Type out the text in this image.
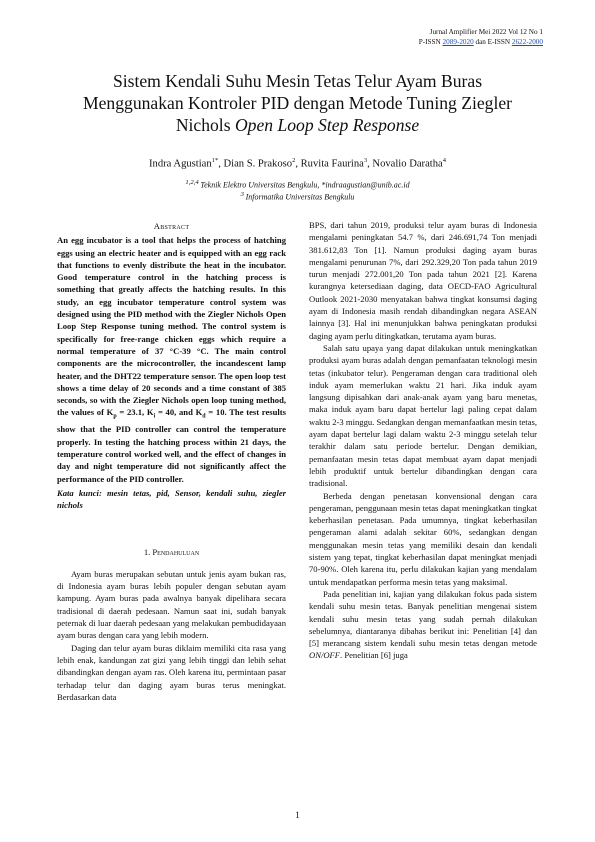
Jurnal Amplifier Mei 2022 Vol 12 No 1
P-ISSN 2089-2020 dan E-ISSN 2622-2000
Sistem Kendali Suhu Mesin Tetas Telur Ayam Buras
Menggunakan Kontroler PID dengan Metode Tuning Ziegler
Nichols Open Loop Step Response
Indra Agustian$^{1*}$, Dian S. Prakoso$^2$, Ruvita Faurina$^3$, Novalio Daratha$^4$
$^{1,2,4}$ Teknik Elektro Universitas Bengkulu, *indraagustian@unib.ac.id
$^3$ Informatika Universitas Bengkulu
Abstract

An egg incubator is a tool that helps the process of hatching eggs using an electric heater and is equipped with an egg rack that functions to evenly distribute the heat in the incubator. Good temperature control in the hatching process is something that greatly affects the hatching results. In this study, an egg incubator temperature control system was designed using the PID method with the Ziegler Nichols Open Loop Step Response tuning method. The control system is specifically for free-range chicken eggs which require a normal temperature of 37 °C-39 °C. The main control components are the microcontroller, the incandescent lamp heater, and the DHT22 temperature sensor. The open loop test shows a time delay of 20 seconds and a time constant of 385 seconds, so with the Ziegler Nichols open loop tuning method, the values of $K_p = 23.1$, $K_i = 40$, and $K_d = 10$. The test results show that the PID controller can control the temperature properly. In testing the hatching process within 21 days, the temperature control worked well, and the effect of changes in day and night temperature did not significantly affect the performance of the PID controller.

Kata kunci: mesin tetas, pid, Sensor, kendali suhu, ziegler nichols

1. Pendahuluan

Ayam buras merupakan sebutan untuk jenis ayam bukan ras, di Indonesia ayam buras lebih populer dengan sebutan ayam kampung. Ayam buras pada awalnya banyak dipelihara secara tradisional di daerah pedesaan. Namun saat ini, sudah banyak peternak di luar daerah pedesaan yang melakukan pembudidayaan ayam buras dengan cara yang lebih modern.

Daging dan telur ayam buras diklaim memiliki cita rasa yang lebih enak, kandungan zat gizi yang lebih tinggi dan lebih sehat dibandingkan dengan ayam ras. Oleh karena itu, permintaan pasar terhadap telur dan daging ayam buras terus meningkat. Berdasarkan data

BPS, dari tahun 2019, produksi telur ayam buras di Indonesia mengalami peningkatan 54.7 %, dari 246.691,74 Ton menjadi 381.612,83 Ton [1]. Namun produksi daging ayam buras mengalami penurunan 7%, dari 292.329,20 Ton pada tahun 2019 turun menjadi 272.001,20 Ton pada tahun 2021 [2]. Karena kurangnya ketersediaan daging, data OECD-FAO Agricultural Outlook 2021-2030 menyatakan bahwa tingkat konsumsi daging ayam di Indonesia masih rendah dibandingkan negara ASEAN lainnya [3]. Hal ini menunjukkan bahwa peningkatan produksi daging ayam perlu ditingkatkan, terutama ayam buras.

Salah satu upaya yang dapat dilakukan untuk meningkatkan produksi ayam buras adalah dengan pemanfaatan teknologi mesin tetas (inkubator telur). Pengeraman dengan cara traditional oleh induk ayam memerlukan waktu 21 hari. Jika induk ayam langsung dipisahkan dari anak-anak ayam yang baru menetas, maka induk ayam baru dapat bertelur lagi paling cepat dalam waktu 2-3 minggu. Sedangkan dengan memanfaatkan mesin tetas, ayam dapat bertelur lagi dalam waktu 2-3 minggu setelah telur terakhir dalam satu periode bertelur. Dengan demikian, pemanfaatan mesin tetas dapat membuat ayam dapat menjadi lebih produktif untuk bertelur dibandingkan dengan cara tradisional.

Berbeda dengan penetasan konvensional dengan cara pengeraman, penggunaan mesin tetas dapat meningkatkan tingkat keberhasilan penetasan. Pada umumnya, tingkat keberhasilan pengeraman alami adalah sekitar 60%, sedangkan dengan menggunakan mesin tetas yang memiliki desain dan kendali sistem yang tepat, tingkat keberhasilan dapat meningkat menjadi 70-90%. Oleh karena itu, perlu dilakukan kajian yang mendalam untuk mendapatkan performa mesin tetas yang maksimal.

Pada penelitian ini, kajian yang dilakukan fokus pada sistem kendali suhu mesin tetas. Banyak penelitian mengenai sistem kendali suhu mesin tetas yang sudah pernah dilakukan sebelumnya, diantaranya dibahas berikut ini: Penelitian [4] dan [5] merancang sistem kendali suhu mesin tetas dengan metode ON/OFF. Penelitian [6] juga

1
